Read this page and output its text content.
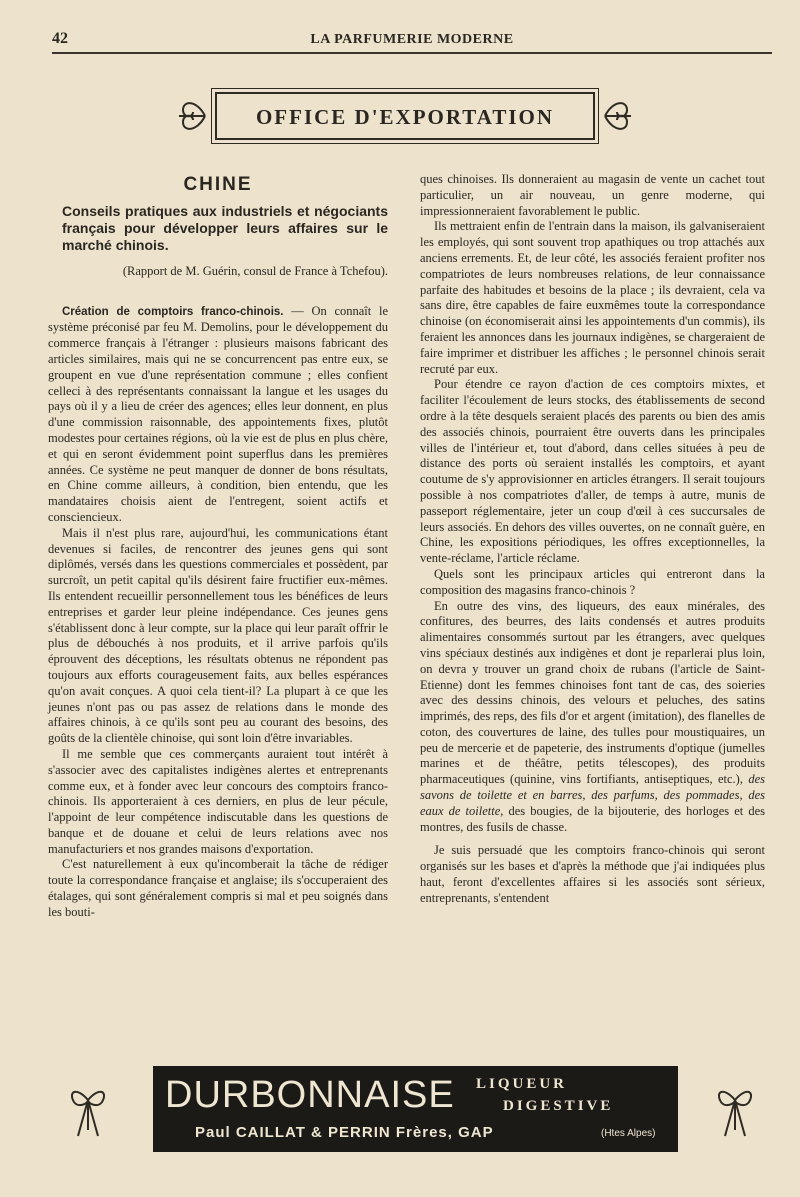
42	LA PARFUMERIE MODERNE
OFFICE D'EXPORTATION
CHINE
Conseils pratiques aux industriels et négociants français pour développer leurs affaires sur le marché chinois.
(Rapport de M. Guérin, consul de France à Tchefou).

Création de comptoirs franco-chinois. — On connaît le système préconisé par feu M. Demolins, pour le développement du commerce français à l'étranger : plusieurs maisons fabricant des articles similaires, mais qui ne se concurrencent pas entre eux, se groupent en vue d'une représentation commune ; elles confient celleci à des représentants connaissant la langue et les usages du pays où il y a lieu de créer des agences; elles leur donnent, en plus d'une commission raisonnable, des appointements fixes, plutôt modestes pour certaines régions, où la vie est de plus en plus chère, et qui en seront évidemment point superflus dans les premières années. Ce système ne peut manquer de donner de bons résultats, en Chine comme ailleurs, à condition, bien entendu, que les mandataires choisis aient de l'entregent, soient actifs et consciencieux.

Mais il n'est plus rare, aujourd'hui, les communications étant devenues si faciles, de rencontrer des jeunes gens qui sont diplômés, versés dans les questions commerciales et possèdent, par surcroît, un petit capital qu'ils désirent faire fructifier eux-mêmes. Ils entendent recueillir personnellement tous les bénéfices de leurs entreprises et garder leur pleine indépendance. Ces jeunes gens s'établissent donc à leur compte, sur la place qui leur paraît offrir le plus de débouchés à nos produits, et il arrive parfois qu'ils éprouvent des déceptions, les résultats obtenus ne répondent pas toujours aux efforts courageusement faits, aux belles espérances qu'on avait conçues. A quoi cela tient-il? La plupart à ce que les jeunes n'ont pas ou pas assez de relations dans le monde des affaires chinois, à ce qu'ils sont peu au courant des besoins, des goûts de la clientèle chinoise, qui sont loin d'être invariables.

Il me semble que ces commerçants auraient tout intérêt à s'associer avec des capitalistes indigènes alertes et entreprenants comme eux, et à fonder avec leur concours des comptoirs franco-chinois. Ils apporteraient à ces derniers, en plus de leur pécule, l'appoint de leur compétence indiscutable dans les questions de banque et de douane et celui de leurs relations avec nos manufacturiers et nos grandes maisons d'exportation.

C'est naturellement à eux qu'incomberait la tâche de rédiger toute la correspondance française et anglaise; ils s'occuperaient des étalages, qui sont généralement compris si mal et peu soignés dans les bouti-

ques chinoises. Ils donneraient au magasin de vente un cachet tout particulier, un air nouveau, un genre moderne, qui impressionneraient favorablement le public.

Ils mettraient enfin de l'entrain dans la maison, ils galvaniseraient les employés, qui sont souvent trop apathiques ou trop attachés aux anciens errements. Et, de leur côté, les associés feraient profiter nos compatriotes de leurs nombreuses relations, de leur connaissance parfaite des habitudes et besoins de la place ; ils devraient, cela va sans dire, être capables de faire euxmêmes toute la correspondance chinoise (on économiserait ainsi les appointements d'un commis), ils feraient les annonces dans les journaux indigènes, se chargeraient de faire imprimer et distribuer les affiches ; le personnel chinois serait recruté par eux.

Pour étendre ce rayon d'action de ces comptoirs mixtes, et faciliter l'écoulement de leurs stocks, des établissements de second ordre à la tête desquels seraient placés des parents ou bien des amis des associés chinois, pourraient être ouverts dans les principales villes de l'intérieur et, tout d'abord, dans celles situées à peu de distance des ports où seraient installés les comptoirs, et ayant coutume de s'y approvisionner en articles étrangers. Il serait toujours possible à nos compatriotes d'aller, de temps à autre, munis de passeport réglementaire, jeter un coup d'œil à ces succursales de leurs associés. En dehors des villes ouvertes, on ne connaît guère, en Chine, les expositions périodiques, les offres exceptionnelles, la vente-réclame, l'article réclame.

Quels sont les principaux articles qui entreront dans la composition des magasins franco-chinois ?

En outre des vins, des liqueurs, des eaux minérales, des confitures, des beurres, des laits condensés et autres produits alimentaires consommés surtout par les étrangers, avec quelques vins spéciaux destinés aux indigènes et dont je reparlerai plus loin, on devra y trouver un grand choix de rubans (l'article de Saint-Etienne) dont les femmes chinoises font tant de cas, des soieries avec des dessins chinois, des velours et peluches, des satins imprimés, des reps, des fils d'or et argent (imitation), des flanelles de coton, des couvertures de laine, des tulles pour moustiquaires, un peu de mercerie et de papeterie, des instruments d'optique (jumelles marines et de théâtre, petits télescopes), des produits pharmaceutiques (quinine, vins fortifiants, antiseptiques, etc.), des savons de toilette et en barres, des parfums, des pommades, des eaux de toilette, des bougies, de la bijouterie, des horloges et des montres, des fusils de chasse.

Je suis persuadé que les comptoirs franco-chinois qui seront organisés sur les bases et d'après la méthode que j'ai indiquées plus haut, feront d'excellentes affaires si les associés sont sérieux, entreprenants, s'entendent

DURBONNAISE LIQUEUR
DIGESTIVE
Paul CAILLAT & PERRIN Frères, GAP	(Htes Alpes)
